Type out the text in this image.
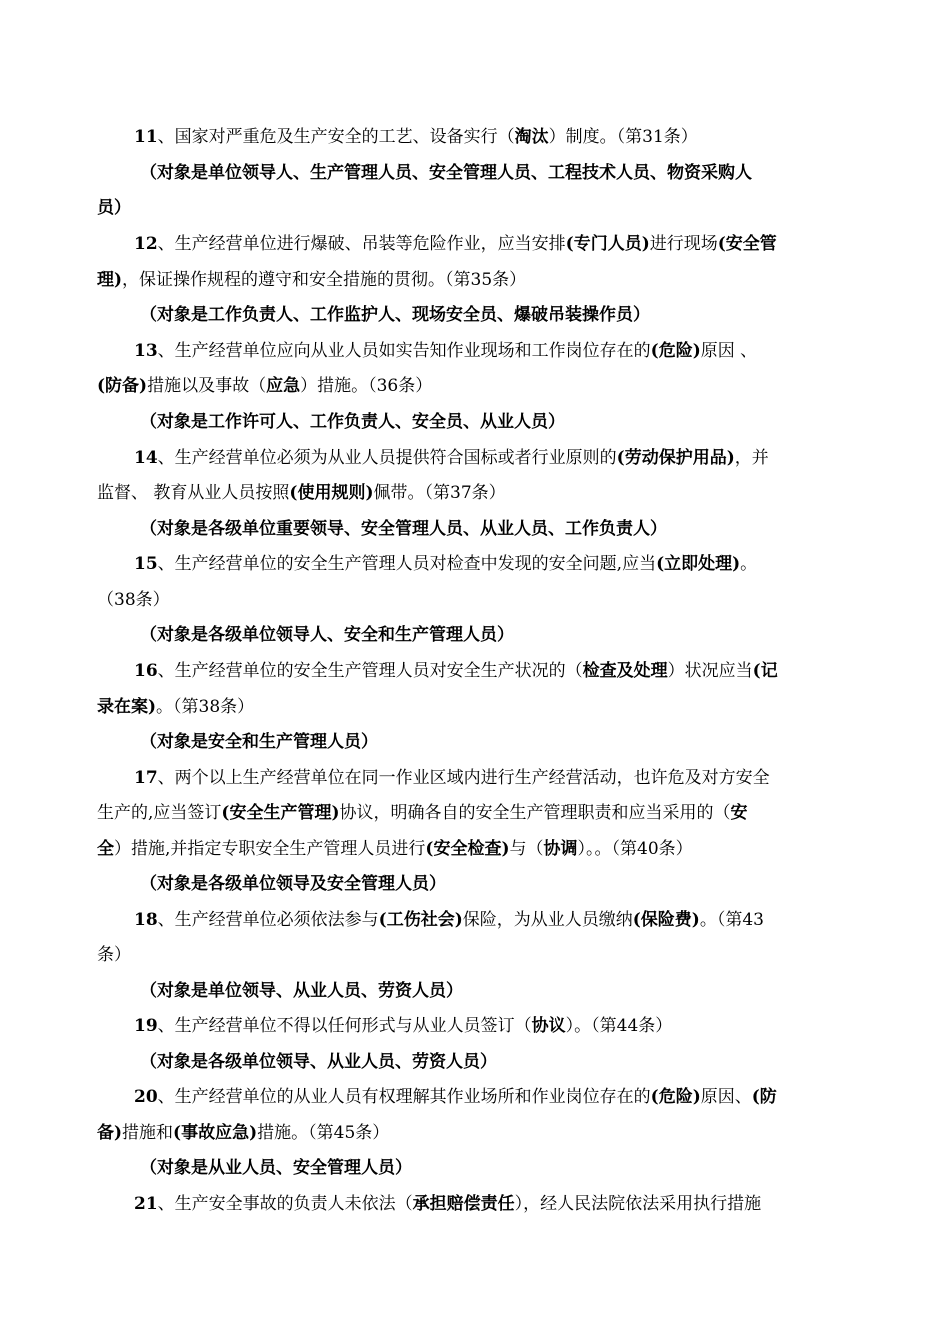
11、国家对严重危及生产安全的工艺、设备实行（淘汰）制度。（第31条）
（对象是单位领导人、生产管理人员、安全管理人员、工程技术人员、物资采购人
员）
12、生产经营单位进行爆破、吊装等危险作业，应当安排(专门人员)进行现场(安全管
理)，保证操作规程的遵守和安全措施的贯彻。（第35条）
（对象是工作负责人、工作监护人、现场安全员、爆破吊装操作员）
13、生产经营单位应向从业人员如实告知作业现场和工作岗位存在的(危险)原因 、
(防备)措施以及事故（应急）措施。（36条）
（对象是工作许可人、工作负责人、安全员、从业人员）
14、生产经营单位必须为从业人员提供符合国标或者行业原则的(劳动保护用品)，并
监督、 教育从业人员按照(使用规则)佩带。（第37条）
（对象是各级单位重要领导、安全管理人员、从业人员、工作负责人）
15、生产经营单位的安全生产管理人员对检查中发现的安全问题,应当(立即处理)。
（38条）
（对象是各级单位领导人、安全和生产管理人员）
16、生产经营单位的安全生产管理人员对安全生产状况的（检查及处理）状况应当(记
录在案)。（第38条）
（对象是安全和生产管理人员）
17、两个以上生产经营单位在同一作业区域内进行生产经营活动，也许危及对方安全
生产的,应当签订(安全生产管理)协议，明确各自的安全生产管理职责和应当采用的（安
全）措施,并指定专职安全生产管理人员进行(安全检查)与（协调）。。（第40条）
（对象是各级单位领导及安全管理人员）
18、生产经营单位必须依法参与(工伤社会)保险，为从业人员缴纳(保险费)。（第43
条）
（对象是单位领导、从业人员、劳资人员）
19、生产经营单位不得以任何形式与从业人员签订（协议）。（第44条）
（对象是各级单位领导、从业人员、劳资人员）
20、生产经营单位的从业人员有权理解其作业场所和作业岗位存在的(危险)原因、(防
备)措施和(事故应急)措施。（第45条）
（对象是从业人员、安全管理人员）
21、生产安全事故的负责人未依法（承担赔偿责任），经人民法院依法采用执行措施
